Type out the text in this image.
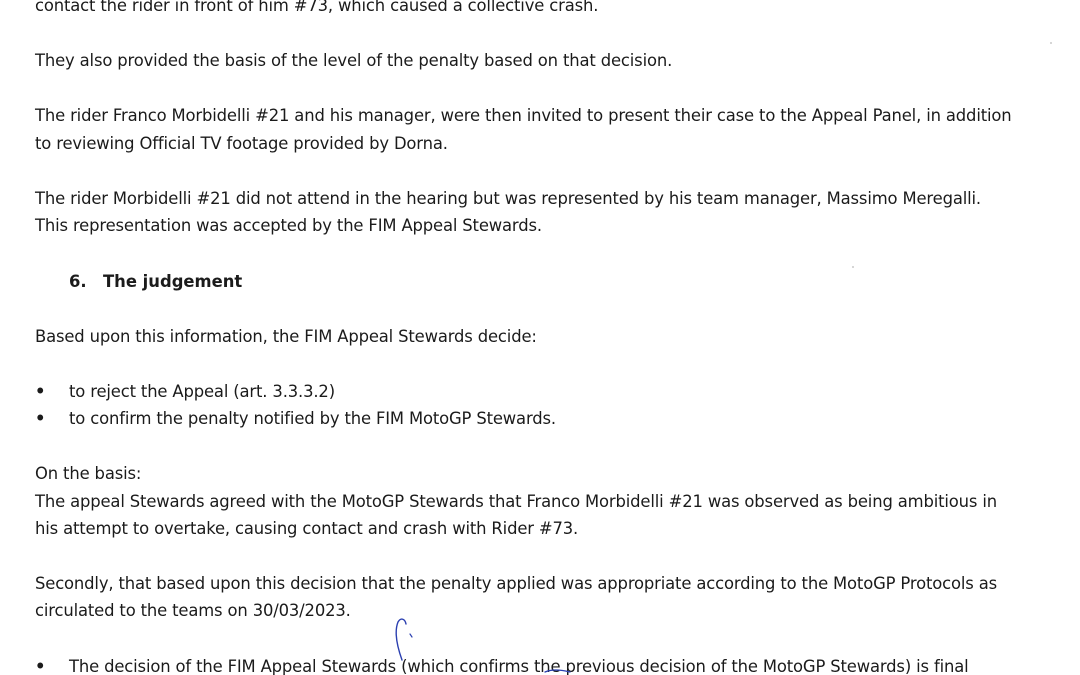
contact the rider in front of him #73, which caused a collective crash.
They also provided the basis of the level of the penalty based on that decision.
The rider Franco Morbidelli #21 and his manager, were then invited to present their case to the Appeal Panel, in addition
to reviewing Official TV footage provided by Dorna.
The rider Morbidelli #21 did not attend in the hearing but was represented by his team manager, Massimo Meregalli.
This representation was accepted by the FIM Appeal Stewards.
6. The judgement
Based upon this information, the FIM Appeal Stewards decide:
• to reject the Appeal (art. 3.3.3.2)
• to confirm the penalty notified by the FIM MotoGP Stewards.
On the basis:
The appeal Stewards agreed with the MotoGP Stewards that Franco Morbidelli #21 was observed as being ambitious in
his attempt to overtake, causing contact and crash with Rider #73.
Secondly, that based upon this decision that the penalty applied was appropriate according to the MotoGP Protocols as
circulated to the teams on 30/03/2023.
• The decision of the FIM Appeal Stewards (which confirms the previous decision of the MotoGP Stewards) is final
